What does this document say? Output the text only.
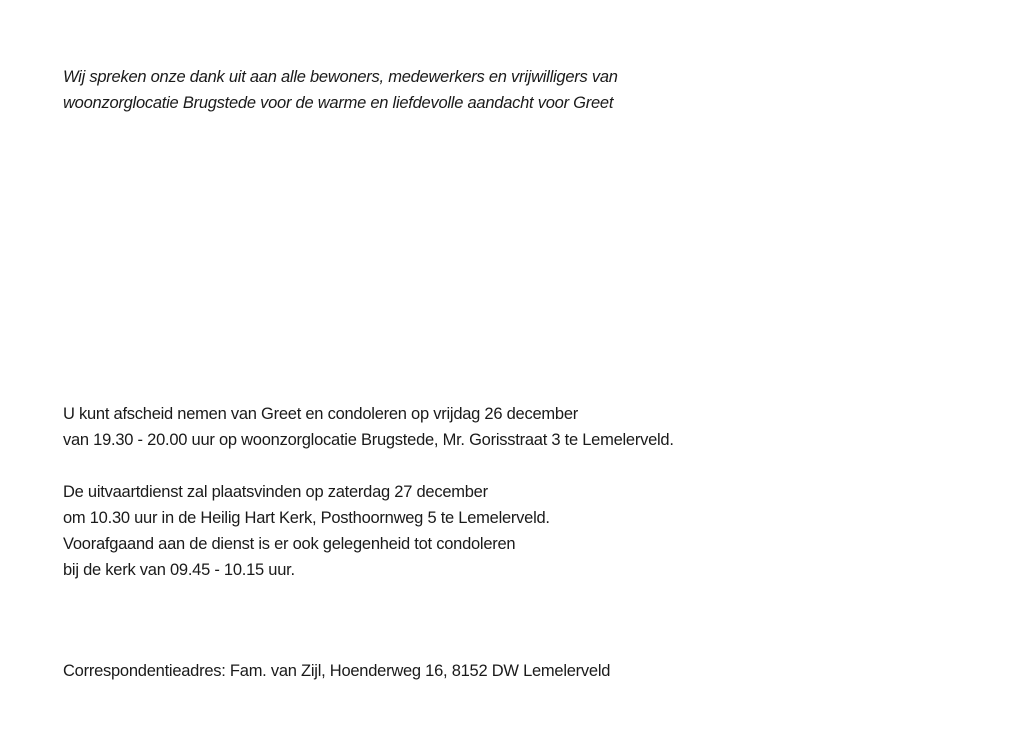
Wij spreken onze dank uit aan alle bewoners, medewerkers en vrijwilligers van
woonzorglocatie Brugstede voor de warme en liefdevolle aandacht voor Greet
U kunt afscheid nemen van Greet en condoleren op vrijdag 26 december
van 19.30 - 20.00 uur op woonzorglocatie Brugstede, Mr. Gorisstraat 3 te Lemelerveld.
De uitvaartdienst zal plaatsvinden op zaterdag 27 december
om 10.30 uur in de Heilig Hart Kerk, Posthoornweg 5 te Lemelerveld.
Voorafgaand aan de dienst is er ook gelegenheid tot condoleren
bij de kerk van 09.45 - 10.15 uur.
Correspondentieadres: Fam. van Zijl, Hoenderweg 16, 8152 DW Lemelerveld
